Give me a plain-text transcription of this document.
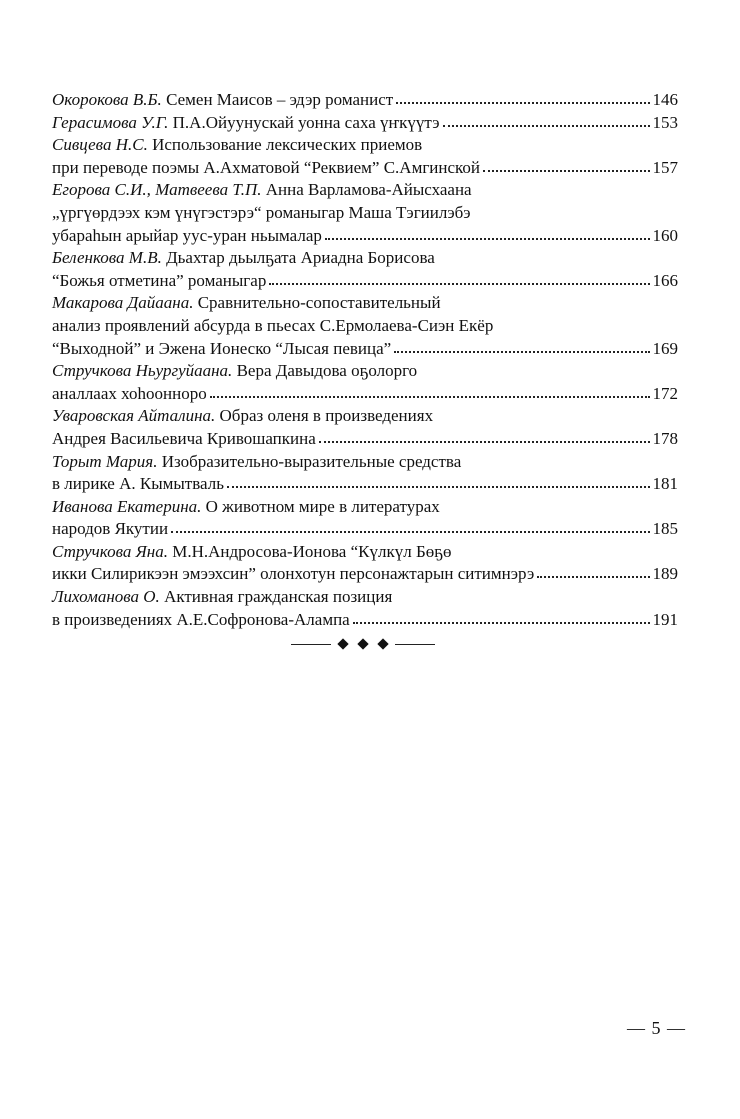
Окорокова В.Б. Семен Маисов – эдэр романист	146
Герасимова У.Г. П.А.Ойуунускай уонна саха үҥкүүтэ	153
Сивцева Н.С. Использование лексических приемов
при переводе поэмы А.Ахматовой “Реквием” С.Амгинской	157
Егорова С.И., Матвеева Т.П. Анна Варламова-Айысхаана
„үргүөрдээх кэм үнүгэстэрэ“ романыгар Маша Тэгиилэбэ
убараһын арыйар уус-уран ньымалар	160
Беленкова М.В. Дьахтар дьылҕата Ариадна Борисова
“Божья отметина” романыгар	166
Макарова Дайаана. Сравнительно-сопоставительный
анализ проявлений абсурда в пьесах С.Ермолаева-Сиэн Екёр
“Выходной” и Эжена Ионеско “Лысая певица”	169
Стручкова Ньургуйаана. Вера Давыдова оҕолорго
аналлаах хоһоонноро	172
Уваровская Айталина. Образ оленя в произведениях
Андрея Васильевича Кривошапкина	178
Торыт Мария. Изобразительно-выразительные средства
в лирике А. Кымытваль	181
Иванова Екатерина. О животном мире в литературах
народов Якутии	185
Стручкова Яна. М.Н.Андросова-Ионова “Күлкүл Бөҕө
икки Силирикээн эмээхсин” олонхотун персонажтарын ситимнэрэ	189
Лихоманова О. Активная гражданская позиция
в произведениях А.Е.Софронова-Алампа	191
— 5 —
